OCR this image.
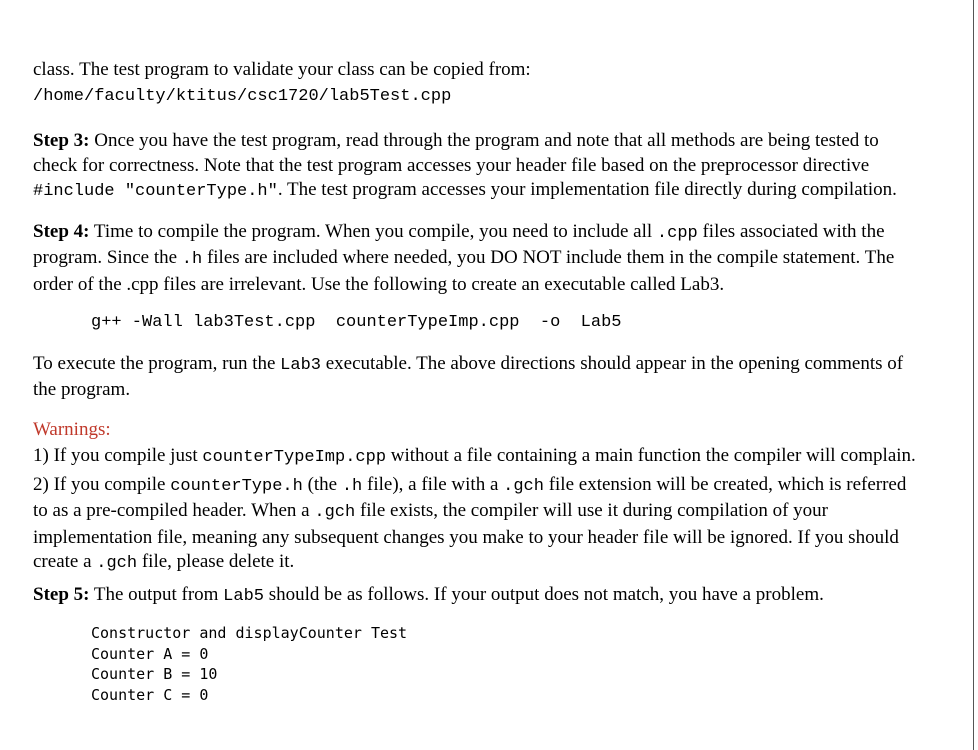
class. The test program to validate your class can be copied from:
/home/faculty/ktitus/csc1720/lab5Test.cpp

Step 3: Once you have the test program, read through the program and note that all methods are being tested to check for correctness. Note that the test program accesses your header file based on the preprocessor directive #include "counterType.h". The test program accesses your implementation file directly during compilation.

Step 4: Time to compile the program. When you compile, you need to include all .cpp files associated with the program. Since the .h files are included where needed, you DO NOT include them in the compile statement. The order of the .cpp files are irrelevant. Use the following to create an executable called Lab3.

g++ -Wall lab3Test.cpp  counterTypeImp.cpp  -o  Lab5

To execute the program, run the Lab3 executable. The above directions should appear in the opening comments of the program.

Warnings:

1) If you compile just counterTypeImp.cpp without a file containing a main function the compiler will complain.

2) If you compile counterType.h (the .h file), a file with a .gch file extension will be created, which is referred to as a pre-compiled header. When a .gch file exists, the compiler will use it during compilation of your implementation file, meaning any subsequent changes you make to your header file will be ignored. If you should create a .gch file, please delete it.

Step 5: The output from Lab5 should be as follows. If your output does not match, you have a problem.

Constructor and displayCounter Test

Counter A = 0

Counter B = 10

Counter C = 0
